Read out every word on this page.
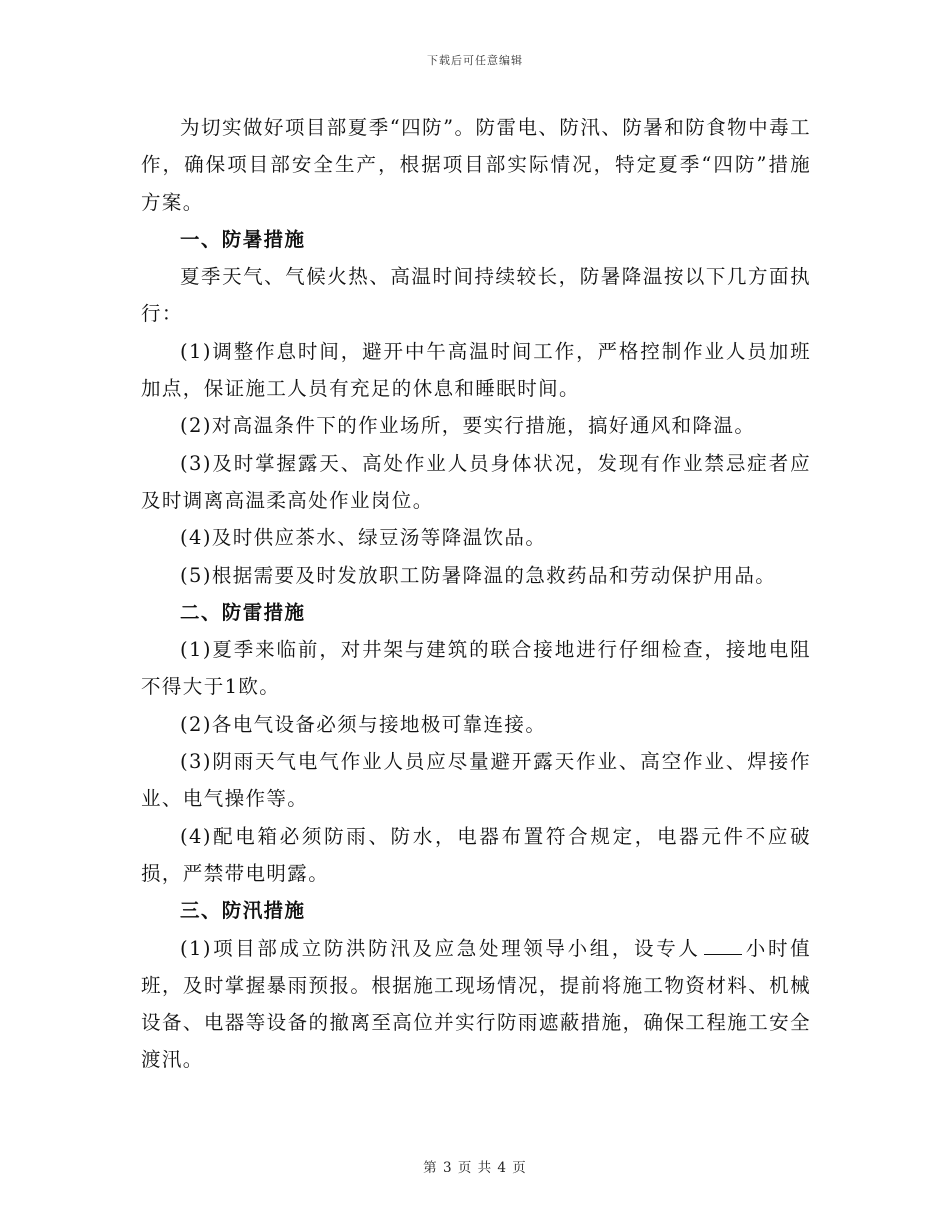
下载后可任意编辑

为切实做好项目部夏季“四防”。防雷电、防汛、防暑和防食物中毒工作，确保项目部安全生产，根据项目部实际情况，特定夏季“四防”措施方案。

一、防暑措施

夏季天气、气候火热、高温时间持续较长，防暑降温按以下几方面执行：

(1)调整作息时间，避开中午高温时间工作，严格控制作业人员加班加点，保证施工人员有充足的休息和睡眠时间。

(2)对高温条件下的作业场所，要实行措施，搞好通风和降温。

(3)及时掌握露天、高处作业人员身体状况，发现有作业禁忌症者应及时调离高温柔高处作业岗位。

(4)及时供应茶水、绿豆汤等降温饮品。

(5)根据需要及时发放职工防暑降温的急救药品和劳动保护用品。

二、防雷措施

(1)夏季来临前，对井架与建筑的联合接地进行仔细检查，接地电阻不得大于1欧。

(2)各电气设备必须与接地极可靠连接。

(3)阴雨天气电气作业人员应尽量避开露天作业、高空作业、焊接作业、电气操作等。

(4)配电箱必须防雨、防水，电器布置符合规定，电器元件不应破损，严禁带电明露。

三、防汛措施

(1)项目部成立防洪防汛及应急处理领导小组，设专人 小时值班，及时掌握暴雨预报。根据施工现场情况，提前将施工物资材料、机械设备、电器等设备的撤离至高位并实行防雨遮蔽措施，确保工程施工安全渡汛。

第 3 页 共 4 页
